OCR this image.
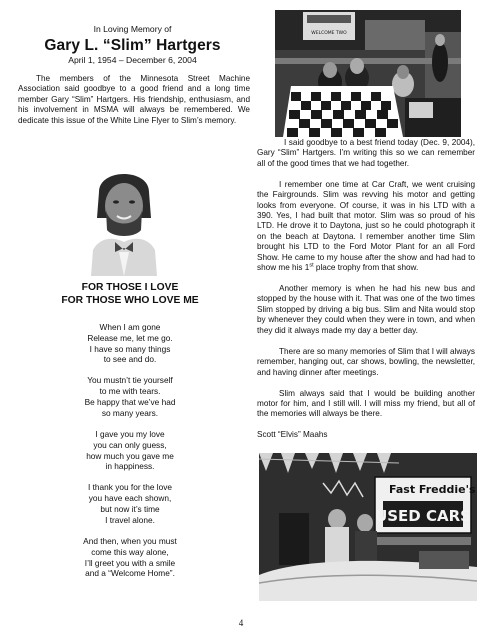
In Loving Memory of
Gary L. “Slim” Hartgers
April 1, 1954 – December 6, 2004

The members of the Minnesota Street Machine Association said goodbye to a good friend and a long time member Gary “Slim” Hartgers. His friendship, enthusiasm, and his involvement in MSMA will always be remembered. We dedicate this issue of the White Line Flyer to Slim’s memory.

FOR THOSE I LOVE
FOR THOSE WHO LOVE ME
When I am gone
Release me, let me go.
I have so many things
to see and do.
You mustn’t tie yourself
to me with tears.
Be happy that we’ve had
so many years.
I gave you my love
you can only guess,
how much you gave me
in happiness.
I thank you for the love
you have each shown,
but now it’s time
I travel alone.
And then, when you must
come this way alone,
I’ll greet you with a smile
and a “Welcome Home”.
WELCOME TWO

I said goodbye to a best friend today (Dec. 9, 2004), Gary “Slim” Hartgers. I’m writing this so we can remember all of the good times that we had together.

I remember one time at Car Craft, we went cruising the Fairgrounds. Slim was revving his motor and getting looks from everyone. Of course, it was in his LTD with a 390. Yes, I had built that motor. Slim was so proud of his LTD. He drove it to Daytona, just so he could photograph it on the beach at Daytona. I remember another time Slim brought his LTD to the Ford Motor Plant for an all Ford Show. He came to my house after the show and had had to show me his 1st place trophy from that show.

Another memory is when he had his new bus and stopped by the house with it. That was one of the two times Slim stopped by driving a big bus. Slim and Nita would stop by whenever they could when they were in town, and when they did it always made my day a better day.

There are so many memories of Slim that I will always remember, hanging out, car shows, bowling, the newsletter, and having dinner after meetings.

Slim always said that I would be building another motor for him, and I still will. I will miss my friend, but all of the memories will always be there.

Scott “Elvis” Maahs

Fast Freddie's
USED CARS
4
